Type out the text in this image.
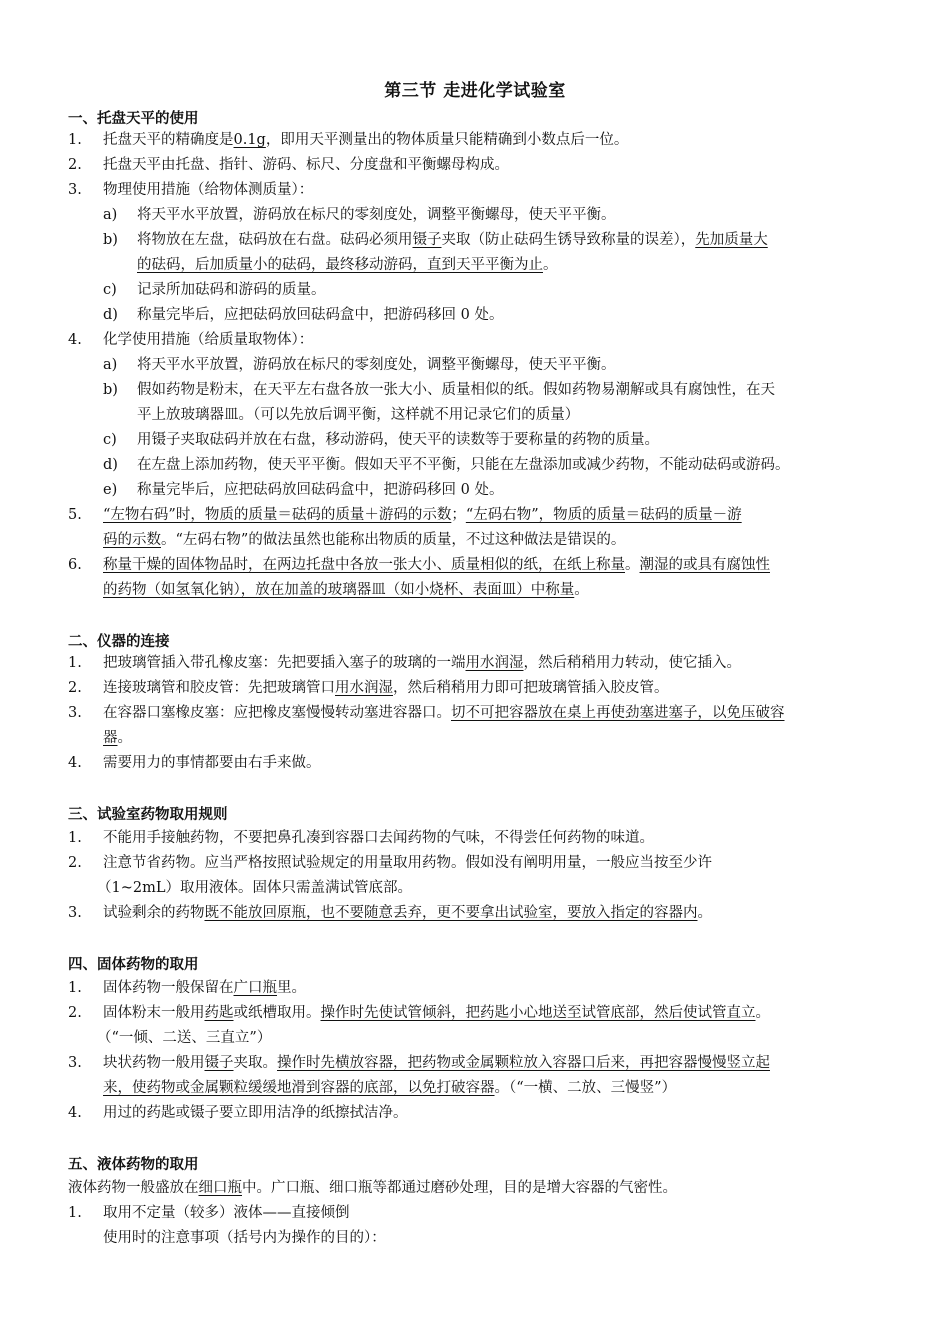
第三节 走进化学试验室
一、托盘天平的使用
1. 托盘天平的精确度是0.1g，即用天平测量出的物体质量只能精确到小数点后一位。
2. 托盘天平由托盘、指针、游码、标尺、分度盘和平衡螺母构成。
3. 物理使用措施（给物体测质量）：
a) 将天平水平放置，游码放在标尺的零刻度处，调整平衡螺母，使天平平衡。
b) 将物放在左盘，砝码放在右盘。砝码必须用镊子夹取（防止砝码生锈导致称量的误差），先加质量大
的砝码，后加质量小的砝码，最终移动游码，直到天平平衡为止。
c) 记录所加砝码和游码的质量。
d) 称量完毕后，应把砝码放回砝码盒中，把游码移回 0 处。
4. 化学使用措施（给质量取物体）：
a) 将天平水平放置，游码放在标尺的零刻度处，调整平衡螺母，使天平平衡。
b) 假如药物是粉末，在天平左右盘各放一张大小、质量相似的纸。假如药物易潮解或具有腐蚀性，在天
平上放玻璃器皿。（可以先放后调平衡，这样就不用记录它们的质量）
c) 用镊子夹取砝码并放在右盘，移动游码，使天平的读数等于要称量的药物的质量。
d) 在左盘上添加药物，使天平平衡。假如天平不平衡，只能在左盘添加或减少药物，不能动砝码或游码。
e) 称量完毕后，应把砝码放回砝码盒中，把游码移回 0 处。
5. “左物右码”时，物质的质量＝砝码的质量＋游码的示数；“左码右物”，物质的质量＝砝码的质量－游
码的示数。“左码右物”的做法虽然也能称出物质的质量，不过这种做法是错误的。
6. 称量干燥的固体物品时，在两边托盘中各放一张大小、质量相似的纸，在纸上称量。潮湿的或具有腐蚀性
的药物（如氢氧化钠），放在加盖的玻璃器皿（如小烧杯、表面皿）中称量。
二、仪器的连接
1. 把玻璃管插入带孔橡皮塞：先把要插入塞子的玻璃的一端用水润湿，然后稍稍用力转动，使它插入。
2. 连接玻璃管和胶皮管：先把玻璃管口用水润湿，然后稍稍用力即可把玻璃管插入胶皮管。
3. 在容器口塞橡皮塞：应把橡皮塞慢慢转动塞进容器口。切不可把容器放在桌上再使劲塞进塞子，以免压破容
器。
4. 需要用力的事情都要由右手来做。
三、试验室药物取用规则
1. 不能用手接触药物，不要把鼻孔凑到容器口去闻药物的气味，不得尝任何药物的味道。
2. 注意节省药物。应当严格按照试验规定的用量取用药物。假如没有阐明用量，一般应当按至少许
（1~2mL）取用液体。固体只需盖满试管底部。
3. 试验剩余的药物既不能放回原瓶，也不要随意丢弃，更不要拿出试验室，要放入指定的容器内。
四、固体药物的取用
1. 固体药物一般保留在广口瓶里。
2. 固体粉末一般用药匙或纸槽取用。操作时先使试管倾斜，把药匙小心地送至试管底部，然后使试管直立。
（“一倾、二送、三直立”）
3. 块状药物一般用镊子夹取。操作时先横放容器，把药物或金属颗粒放入容器口后来，再把容器慢慢竖立起
来，使药物或金属颗粒缓缓地滑到容器的底部，以免打破容器。（“一横、二放、三慢竖”）
4. 用过的药匙或镊子要立即用洁净的纸擦拭洁净。
五、液体药物的取用
液体药物一般盛放在细口瓶中。广口瓶、细口瓶等都通过磨砂处理，目的是增大容器的气密性。
1. 取用不定量（较多）液体——直接倾倒
使用时的注意事项（括号内为操作的目的）：
